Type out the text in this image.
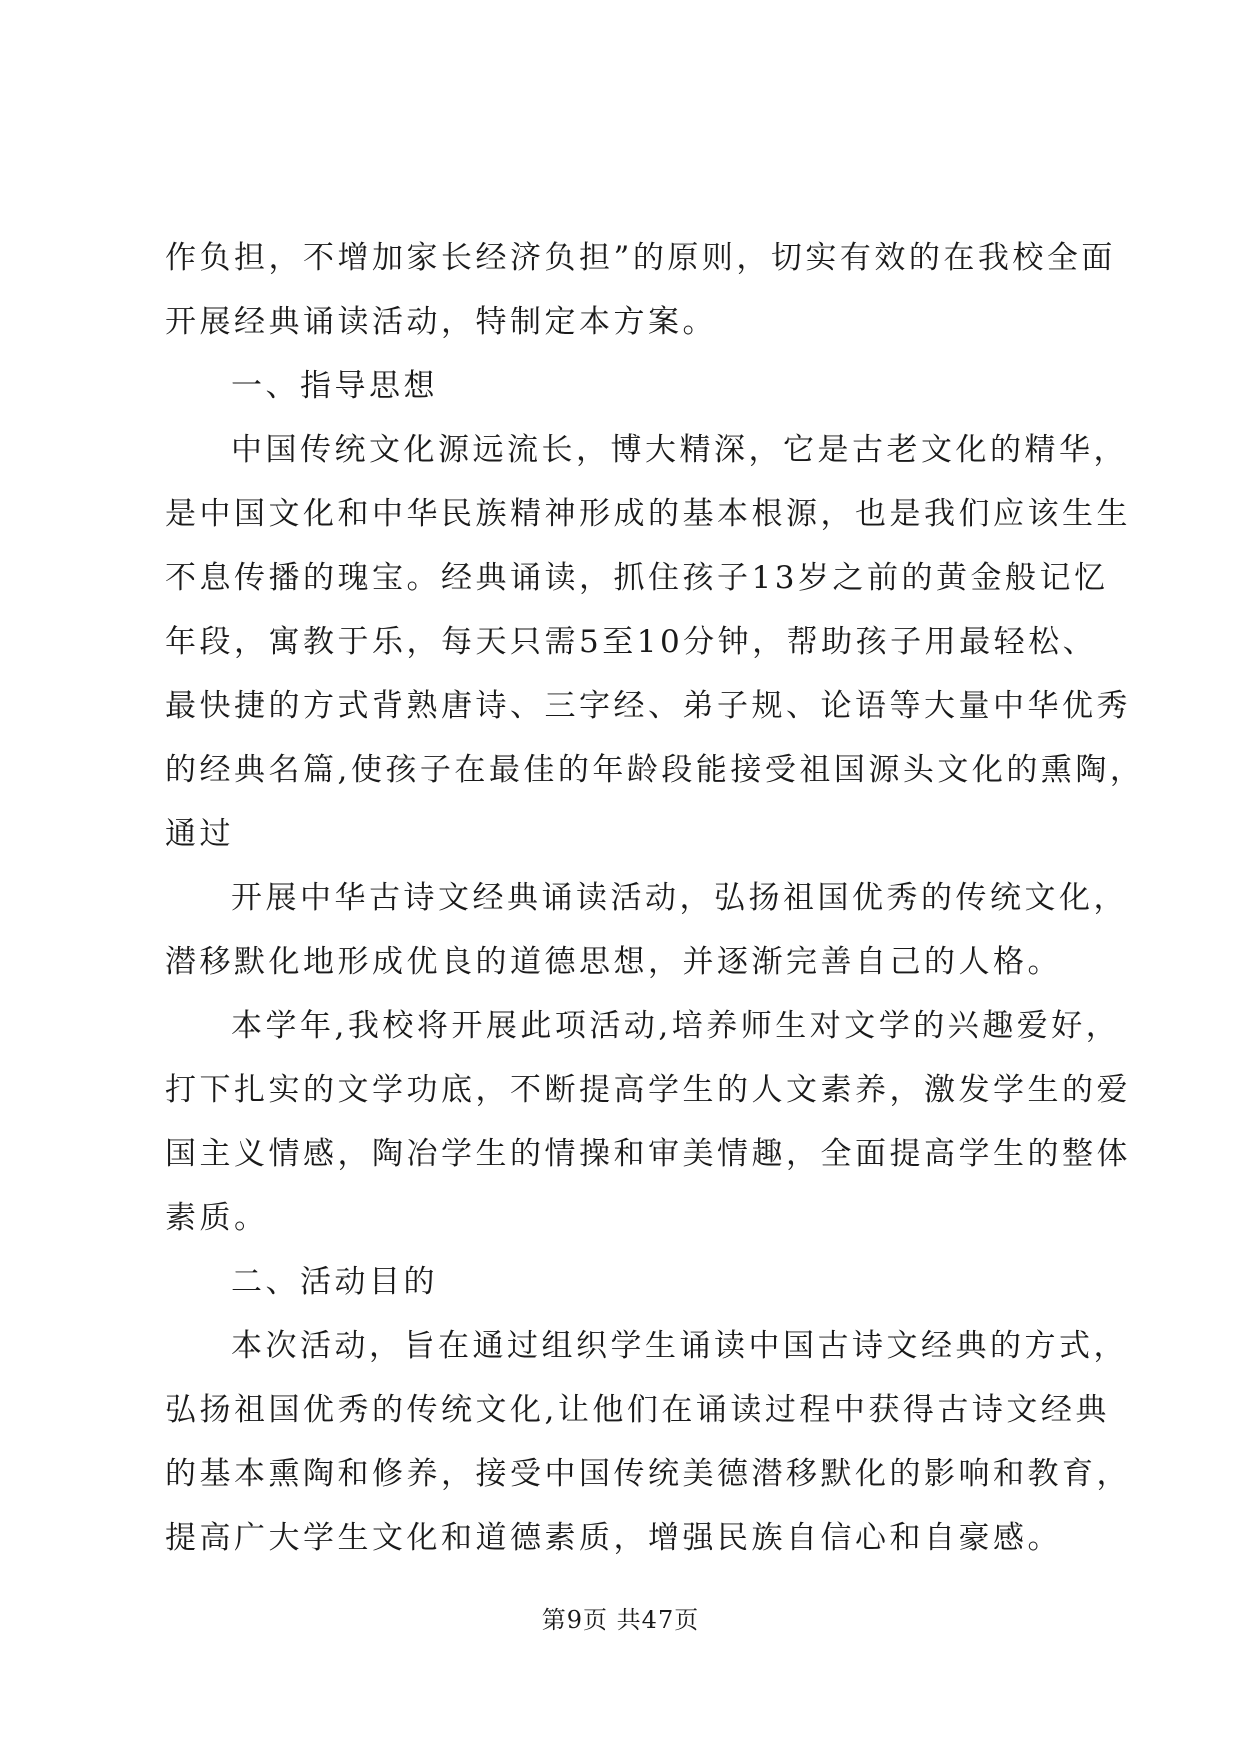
作负担，不增加家长经济负担”的原则，切实有效的在我校全面
开展经典诵读活动，特制定本方案。
一、指导思想
中国传统文化源远流长，博大精深，它是古老文化的精华，
是中国文化和中华民族精神形成的基本根源，也是我们应该生生
不息传播的瑰宝。经典诵读，抓住孩子13岁之前的黄金般记忆
年段，寓教于乐，每天只需5至10分钟，帮助孩子用最轻松、
最快捷的方式背熟唐诗、三字经、弟子规、论语等大量中华优秀
的经典名篇,使孩子在最佳的年龄段能接受祖国源头文化的熏陶，
通过
开展中华古诗文经典诵读活动，弘扬祖国优秀的传统文化，
潜移默化地形成优良的道德思想，并逐渐完善自己的人格。
本学年,我校将开展此项活动,培养师生对文学的兴趣爱好，
打下扎实的文学功底，不断提高学生的人文素养，激发学生的爱
国主义情感，陶冶学生的情操和审美情趣，全面提高学生的整体
素质。
二、活动目的
本次活动，旨在通过组织学生诵读中国古诗文经典的方式，
弘扬祖国优秀的传统文化,让他们在诵读过程中获得古诗文经典
的基本熏陶和修养，接受中国传统美德潜移默化的影响和教育，
提高广大学生文化和道德素质，增强民族自信心和自豪感。
第9页 共47页
